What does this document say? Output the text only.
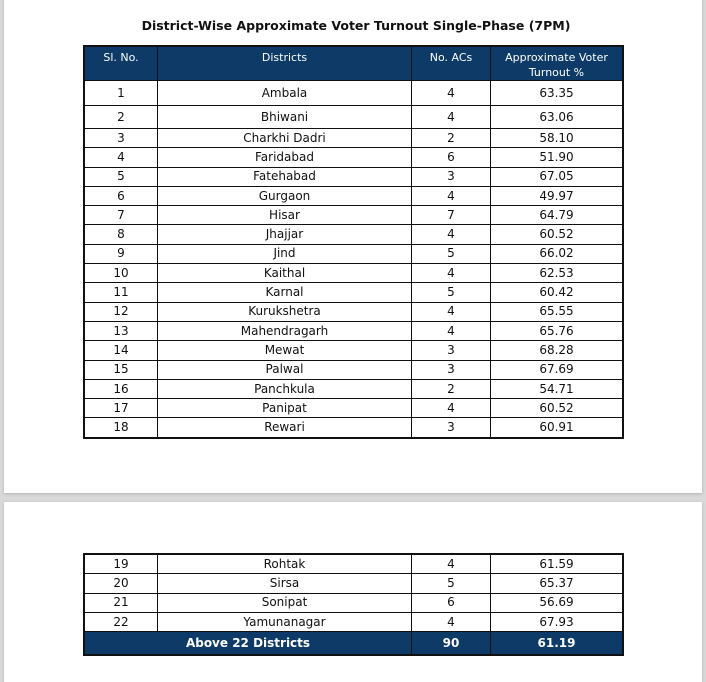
District-Wise Approximate Voter Turnout Single-Phase (7PM)
Sl. No.	Districts	No. ACs	Approximate Voter Turnout %
1	Ambala	4	63.35
2	Bhiwani	4	63.06
3	Charkhi Dadri	2	58.10
4	Faridabad	6	51.90
5	Fatehabad	3	67.05
6	Gurgaon	4	49.97
7	Hisar	7	64.79
8	Jhajjar	4	60.52
9	Jind	5	66.02
10	Kaithal	4	62.53
11	Karnal	5	60.42
12	Kurukshetra	4	65.55
13	Mahendragarh	4	65.76
14	Mewat	3	68.28
15	Palwal	3	67.69
16	Panchkula	2	54.71
17	Panipat	4	60.52
18	Rewari	3	60.91
19	Rohtak	4	61.59
20	Sirsa	5	65.37
21	Sonipat	6	56.69
22	Yamunanagar	4	67.93
Above 22 Districts		90	61.19
